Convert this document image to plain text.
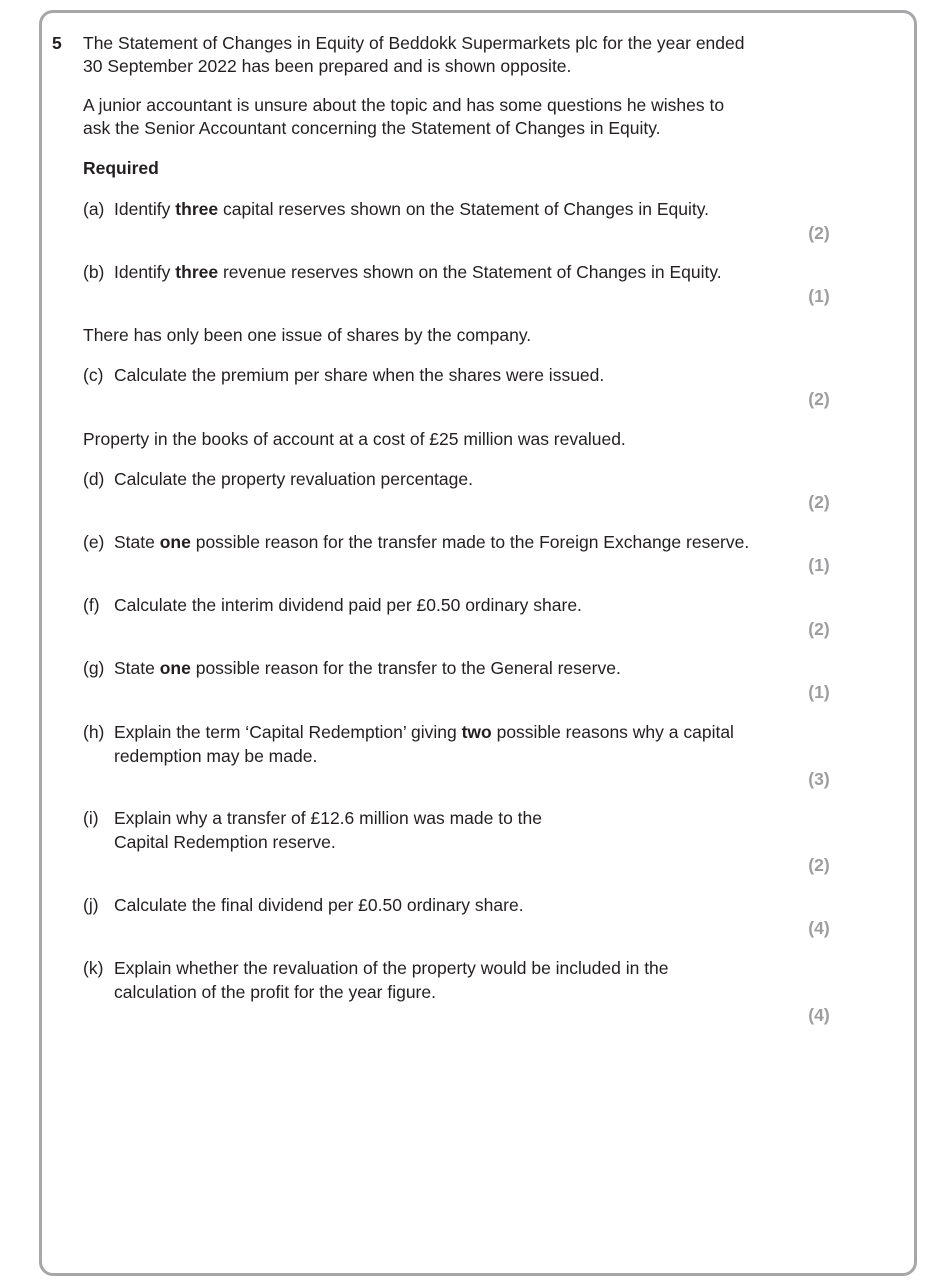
5 The Statement of Changes in Equity of Beddokk Supermarkets plc for the year ended
30 September 2022 has been prepared and is shown opposite.
A junior accountant is unsure about the topic and has some questions he wishes to
ask the Senior Accountant concerning the Statement of Changes in Equity.
Required
(a) Identify three capital reserves shown on the Statement of Changes in Equity.
(2)
(b) Identify three revenue reserves shown on the Statement of Changes in Equity.
(1)
There has only been one issue of shares by the company.
(c) Calculate the premium per share when the shares were issued.
(2)
Property in the books of account at a cost of £25 million was revalued.
(d) Calculate the property revaluation percentage.
(2)
(e) State one possible reason for the transfer made to the Foreign Exchange reserve.
(1)
(f) Calculate the interim dividend paid per £0.50 ordinary share.
(2)
(g) State one possible reason for the transfer to the General reserve.
(1)
(h) Explain the term ‘Capital Redemption’ giving two possible reasons why a capital
redemption may be made.
(3)
(i) Explain why a transfer of £12.6 million was made to the
Capital Redemption reserve.
(2)
(j) Calculate the final dividend per £0.50 ordinary share.
(4)
(k) Explain whether the revaluation of the property would be included in the
calculation of the profit for the year figure.
(4)
